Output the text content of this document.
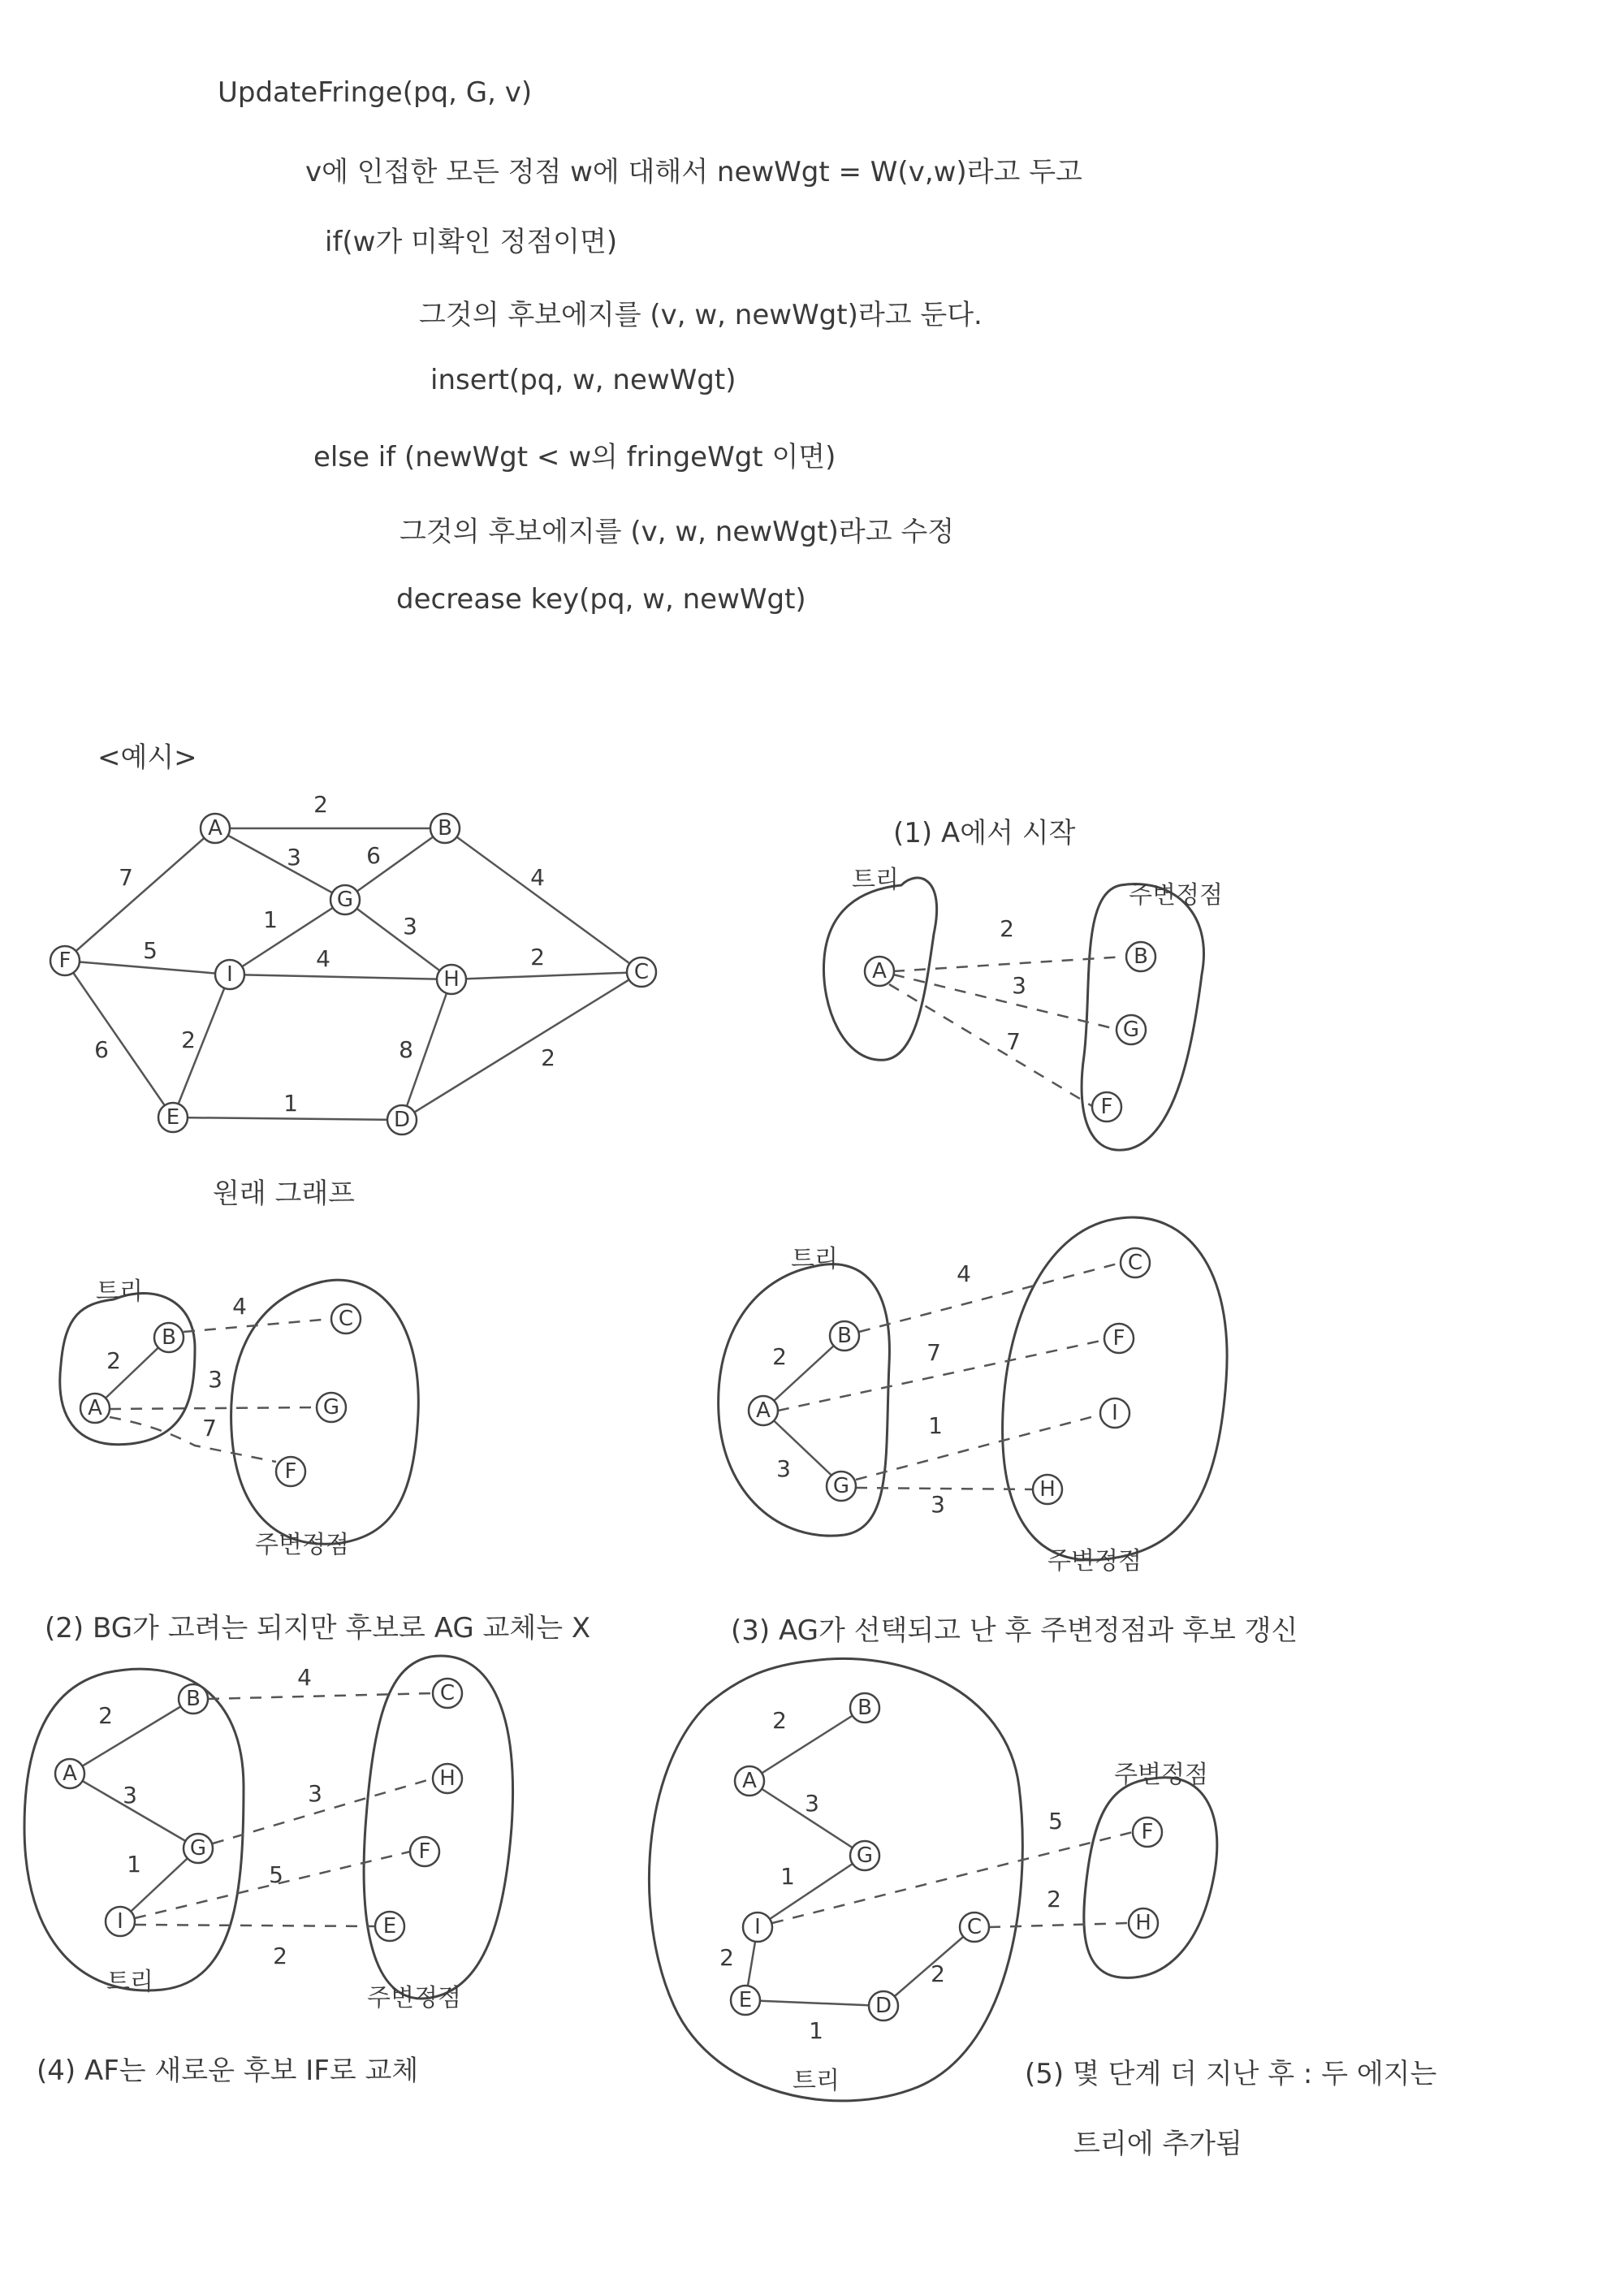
UpdateFringe(pq, G, v)
v에 인접한 모든 정점 w에 대해서 newWgt = W(v,w)라고 두고
if(w가 미확인 정점이면)
그것의 후보에지를 (v, w, newWgt)라고 둔다.
insert(pq, w, newWgt)
else if (newWgt < w의 fringeWgt 이면)
그것의 후보에지를 (v, w, newWgt)라고 수정
decrease key(pq, w, newWgt)
<예시>
원래 그래프
(1) A에서 시작
(2) BG가 고려는 되지만 후보로 AG 교체는 X	(3) AG가 선택되고 난 후 주변정점과 후보 갱신
(4) AF는 새로운 후보 IF로 교체	(5) 몇 단계 더 지난 후 : 두 에지는
트리에 추가됨
2
3
7
6
4
1	3
5	4	2
6	2	8	2
1
A	B
C
D
E
F
G
H
I
트리
주변정점
2
3
7
A
B
G
F
트리
주변정점
2
4
3
7
A
B
C
G
F
트리
주변정점
2
3
4
7
1
3
A
B
G
C
F
I
H
트리
주변정점
2
3
1
4
3
5
2
A
B
G
I
C
H
F
E
트리
주변정점
2
3
1
2
1
2
5
2
A
B
G
I
E	D
C
F
H
